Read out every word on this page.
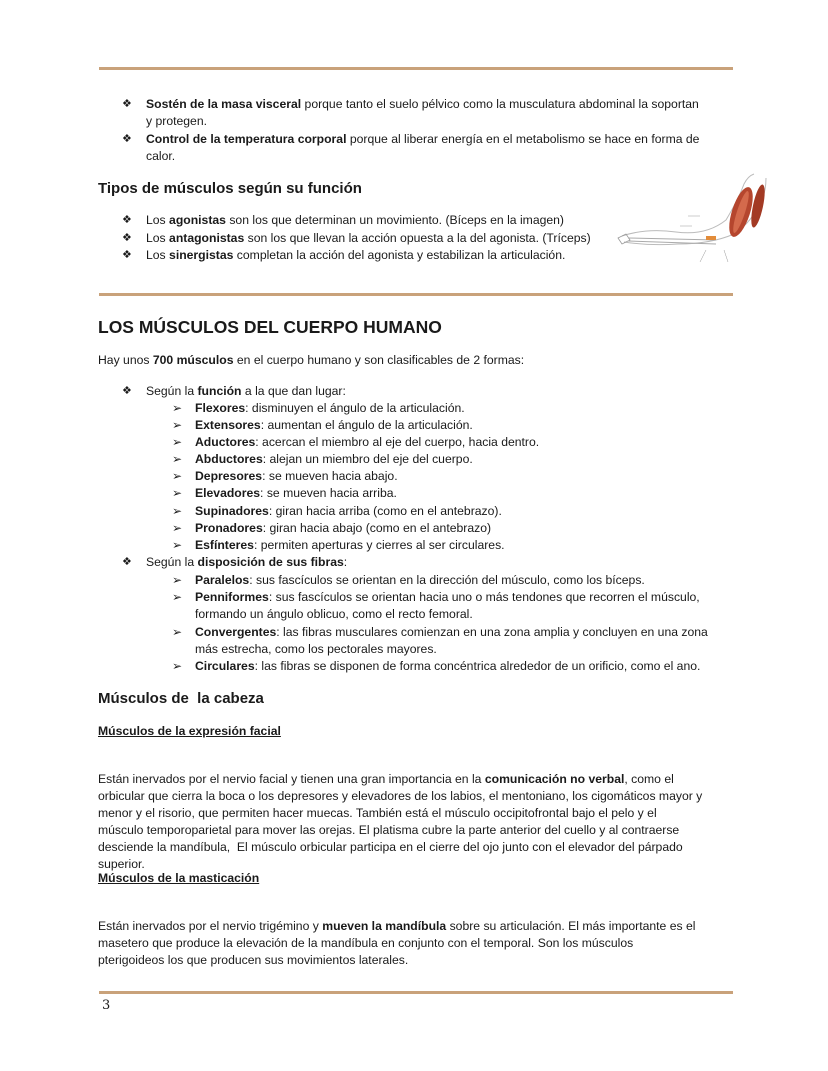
❖ Sostén de la masa visceral porque tanto el suelo pélvico como la musculatura abdominal la soportan
y protegen.
❖ Control de la temperatura corporal porque al liberar energía en el metabolismo se hace en forma de
calor.
Tipos de músculos según su función
❖ Los agonistas son los que determinan un movimiento. (Bíceps en la imagen)
❖ Los antagonistas son los que llevan la acción opuesta a la del agonista. (Tríceps)
❖ Los sinergistas completan la acción del agonista y estabilizan la articulación.
LOS MÚSCULOS DEL CUERPO HUMANO
Hay unos 700 músculos en el cuerpo humano y son clasificables de 2 formas:
❖ Según la función a la que dan lugar:
➢ Flexores: disminuyen el ángulo de la articulación.
➢ Extensores: aumentan el ángulo de la articulación.
➢ Aductores: acercan el miembro al eje del cuerpo, hacia dentro.
➢ Abductores: alejan un miembro del eje del cuerpo.
➢ Depresores: se mueven hacia abajo.
➢ Elevadores: se mueven hacia arriba.
➢ Supinadores: giran hacia arriba (como en el antebrazo).
➢ Pronadores: giran hacia abajo (como en el antebrazo)
➢ Esfínteres: permiten aperturas y cierres al ser circulares.
❖ Según la disposición de sus fibras:
➢ Paralelos: sus fascículos se orientan en la dirección del músculo, como los bíceps.
➢ Penniformes: sus fascículos se orientan hacia uno o más tendones que recorren el músculo,
formando un ángulo oblicuo, como el recto femoral.
➢ Convergentes: las fibras musculares comienzan en una zona amplia y concluyen en una zona
más estrecha, como los pectorales mayores.
➢ Circulares: las fibras se disponen de forma concéntrica alrededor de un orificio, como el ano.
Músculos de  la cabeza
Músculos de la expresión facial

Están inervados por el nervio facial y tienen una gran importancia en la comunicación no verbal, como el
orbicular que cierra la boca o los depresores y elevadores de los labios, el mentoniano, los cigomáticos mayor y
menor y el risorio, que permiten hacer muecas. También está el músculo occipitofrontal bajo el pelo y el
músculo temporoparietal para mover las orejas. El platisma cubre la parte anterior del cuello y al contraerse
desciende la mandíbula,  El músculo orbicular participa en el cierre del ojo junto con el elevador del párpado
superior.
Músculos de la masticación

Están inervados por el nervio trigémino y mueven la mandíbula sobre su articulación. El más importante es el
masetero que produce la elevación de la mandíbula en conjunto con el temporal. Son los músculos
pterigoideos los que producen sus movimientos laterales.
3
